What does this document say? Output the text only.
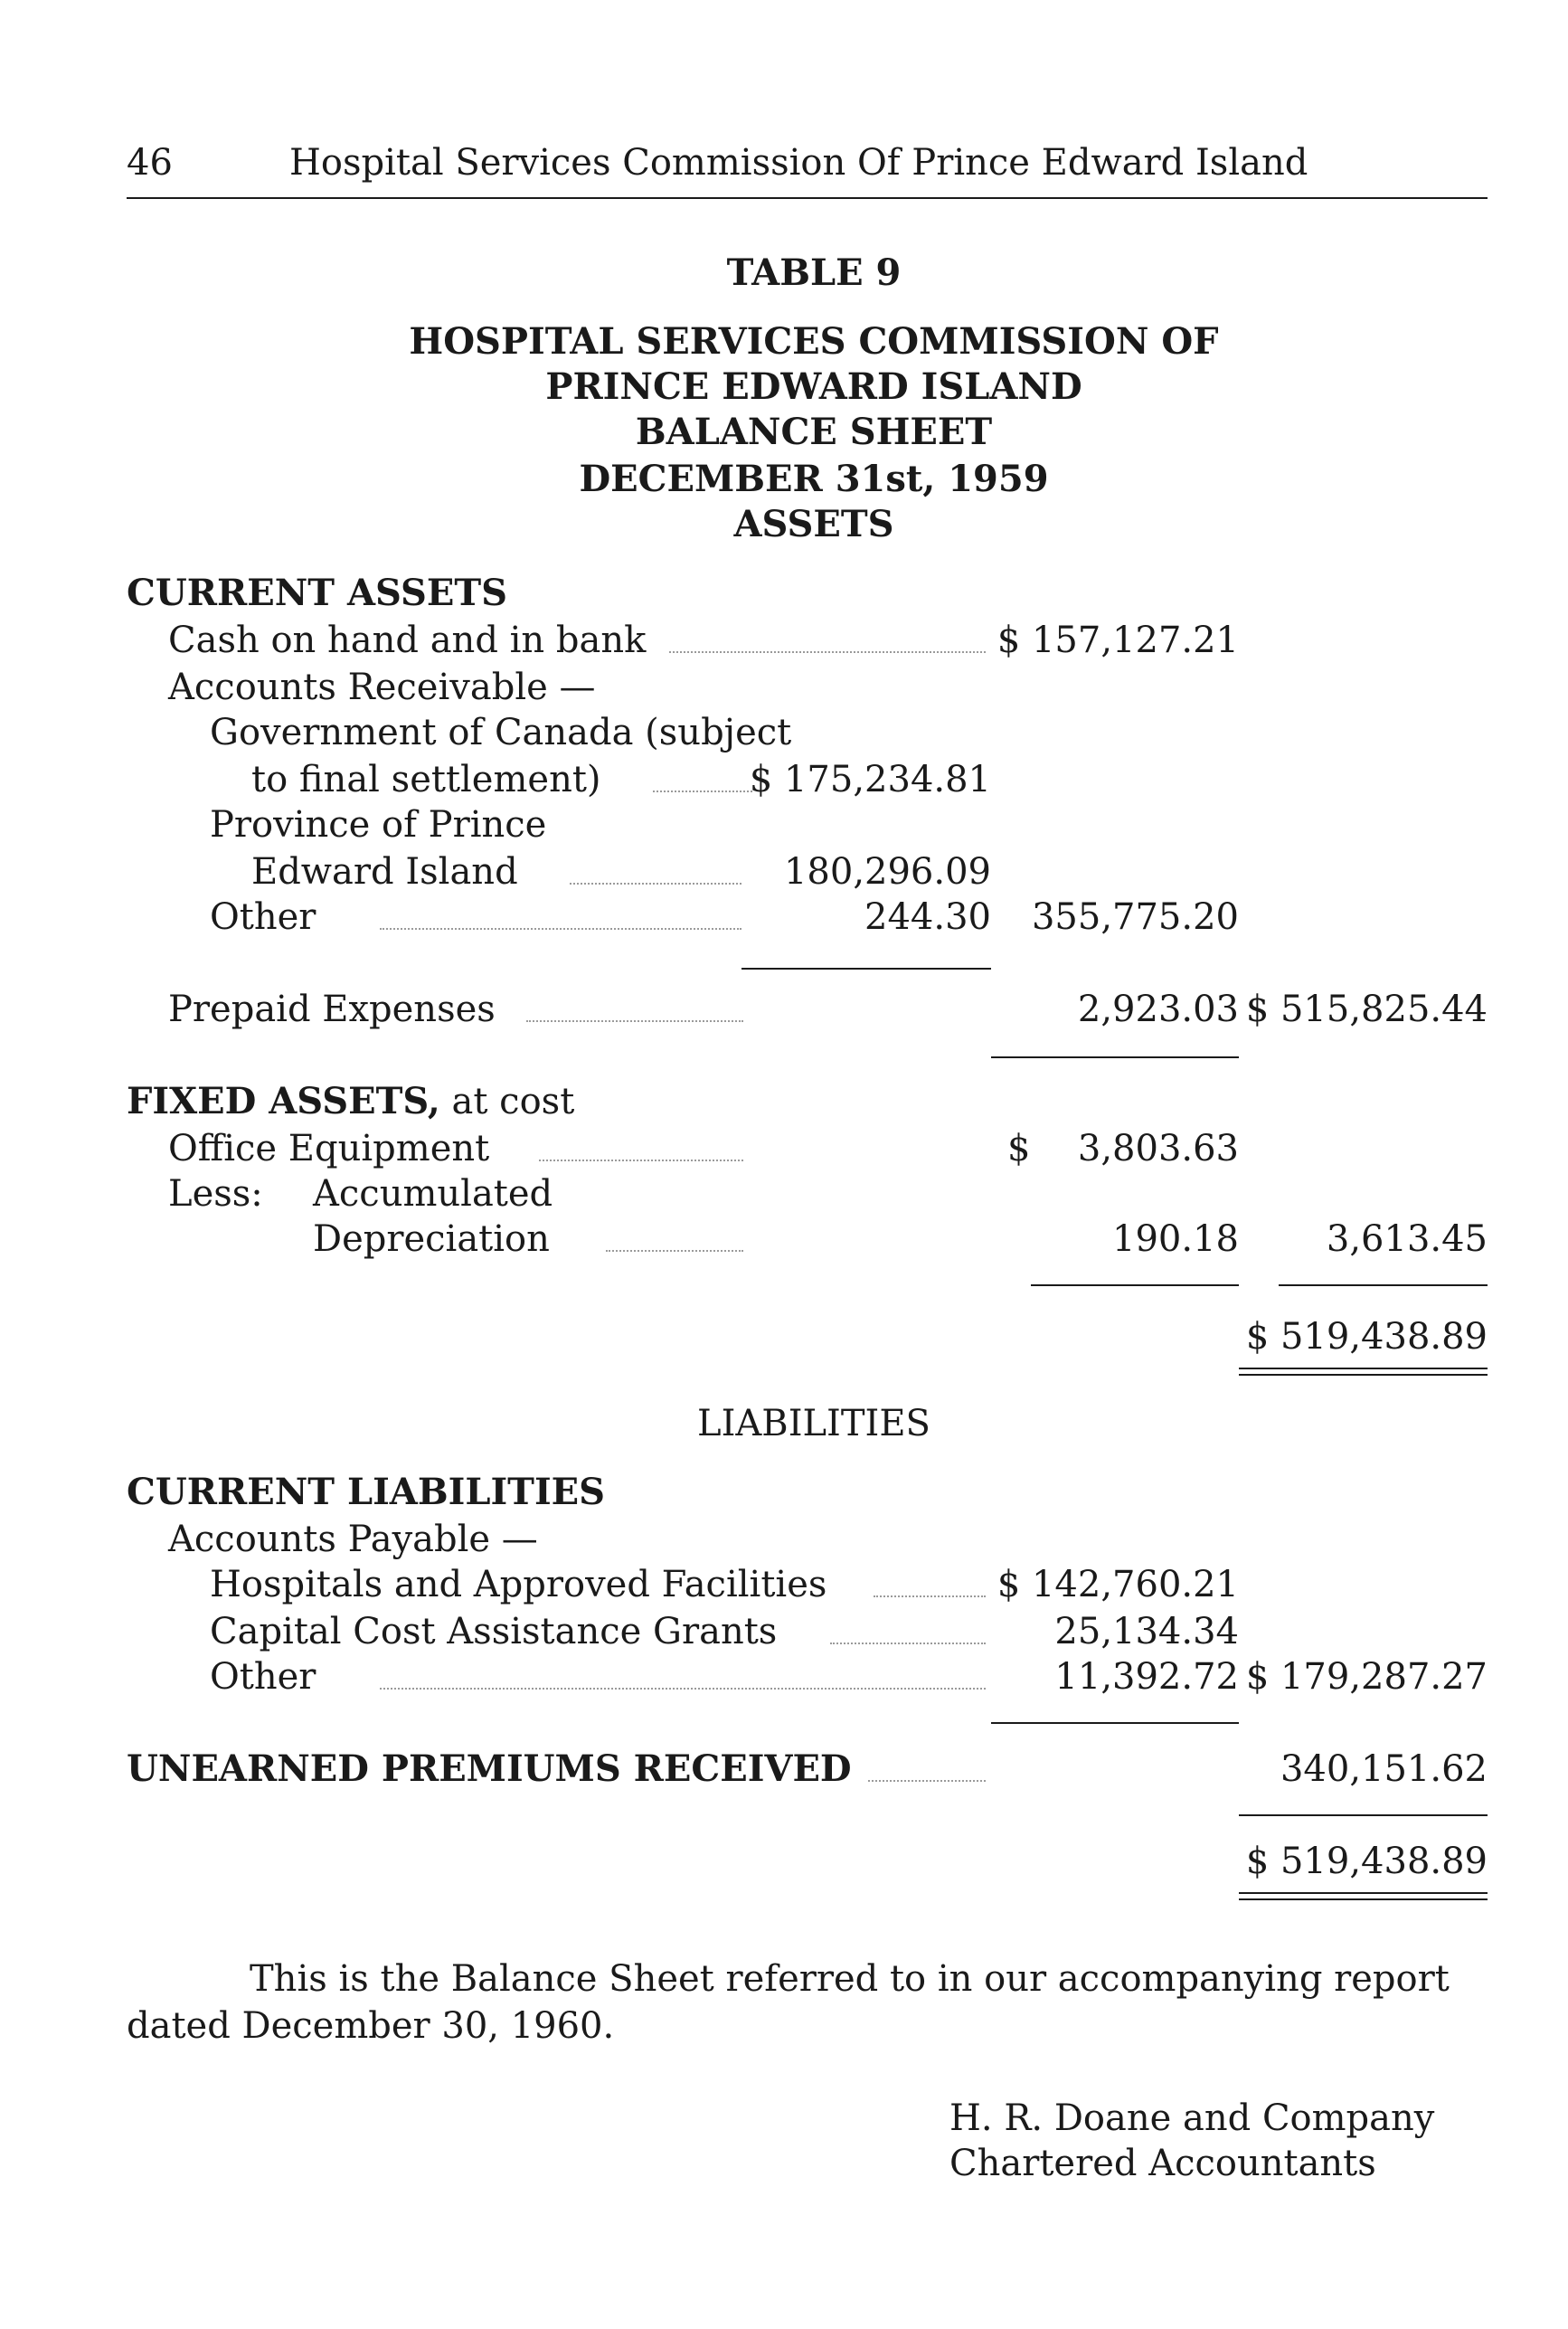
46	Hospital Services Commission Of Prince Edward Island
TABLE 9
HOSPITAL SERVICES COMMISSION OF
PRINCE EDWARD ISLAND
BALANCE SHEET
DECEMBER 31st, 1959
ASSETS
CURRENT ASSETS
Cash on hand and in bank	$ 157,127.21
Accounts Receivable —
Government of Canada (subject
to final settlement)	$ 175,234.81
Province of Prince
Edward Island	180,296.09
Other	244.30	355,775.20
Prepaid Expenses	2,923.03 $ 515,825.44
FIXED ASSETS, at cost
Office Equipment	$	3,803.63
Less: Accumulated
Depreciation	190.18	3,613.45
$ 519,438.89
LIABILITIES
CURRENT LIABILITIES
Accounts Payable —
Hospitals and Approved Facilities	$ 142,760.21
Capital Cost Assistance Grants	25,134.34
Other	11,392.72 $ 179,287.27
UNEARNED PREMIUMS RECEIVED	340,151.62
$ 519,438.89
This is the Balance Sheet referred to in our accompanying report
dated December 30, 1960.
H. R. Doane and Company
Chartered Accountants
